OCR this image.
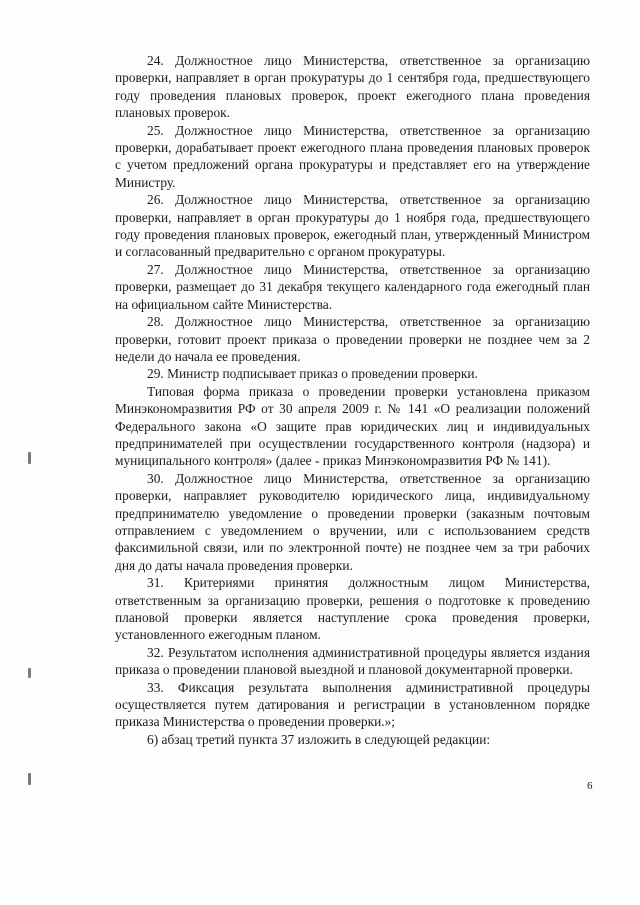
24. Должностное лицо Министерства, ответственное за организацию проверки, направляет в орган прокуратуры до 1 сентября года, предшествующего году проведения плановых проверок, проект ежегодного плана проведения плановых проверок.

25. Должностное лицо Министерства, ответственное за организацию проверки, дорабатывает проект ежегодного плана проведения плановых проверок с учетом предложений органа прокуратуры и представляет его на утверждение Министру.

26. Должностное лицо Министерства, ответственное за организацию проверки, направляет в орган прокуратуры до 1 ноября года, предшествующего году проведения плановых проверок, ежегодный план, утвержденный Министром и согласованный предварительно с органом прокуратуры.

27. Должностное лицо Министерства, ответственное за организацию проверки, размещает до 31 декабря текущего календарного года ежегодный план на официальном сайте Министерства.

28. Должностное лицо Министерства, ответственное за организацию проверки, готовит проект приказа о проведении проверки не позднее чем за 2 недели до начала ее проведения.

29. Министр подписывает приказ о проведении проверки.

Типовая форма приказа о проведении проверки установлена приказом Минэкономразвития РФ от 30 апреля 2009 г. № 141 «О реализации положений Федерального закона «О защите прав юридических лиц и индивидуальных предпринимателей при осуществлении государственного контроля (надзора) и муниципального контроля» (далее - приказ Минэкономразвития РФ № 141).

30. Должностное лицо Министерства, ответственное за организацию проверки, направляет руководителю юридического лица, индивидуальному предпринимателю уведомление о проведении проверки (заказным почтовым отправлением с уведомлением о вручении, или с использованием средств факсимильной связи, или по электронной почте) не позднее чем за три рабочих дня до даты начала проведения проверки.

31. Критериями принятия должностным лицом Министерства, ответственным за организацию проверки, решения о подготовке к проведению плановой проверки является наступление срока проведения проверки, установленного ежегодным планом.

32. Результатом исполнения административной процедуры является издания приказа о проведении плановой выездной и плановой документарной проверки.

33. Фиксация результата выполнения административной процедуры осуществляется путем датирования и регистрации в установленном порядке приказа Министерства о проведении проверки.»;

6) абзац третий пункта 37 изложить в следующей редакции:

6
